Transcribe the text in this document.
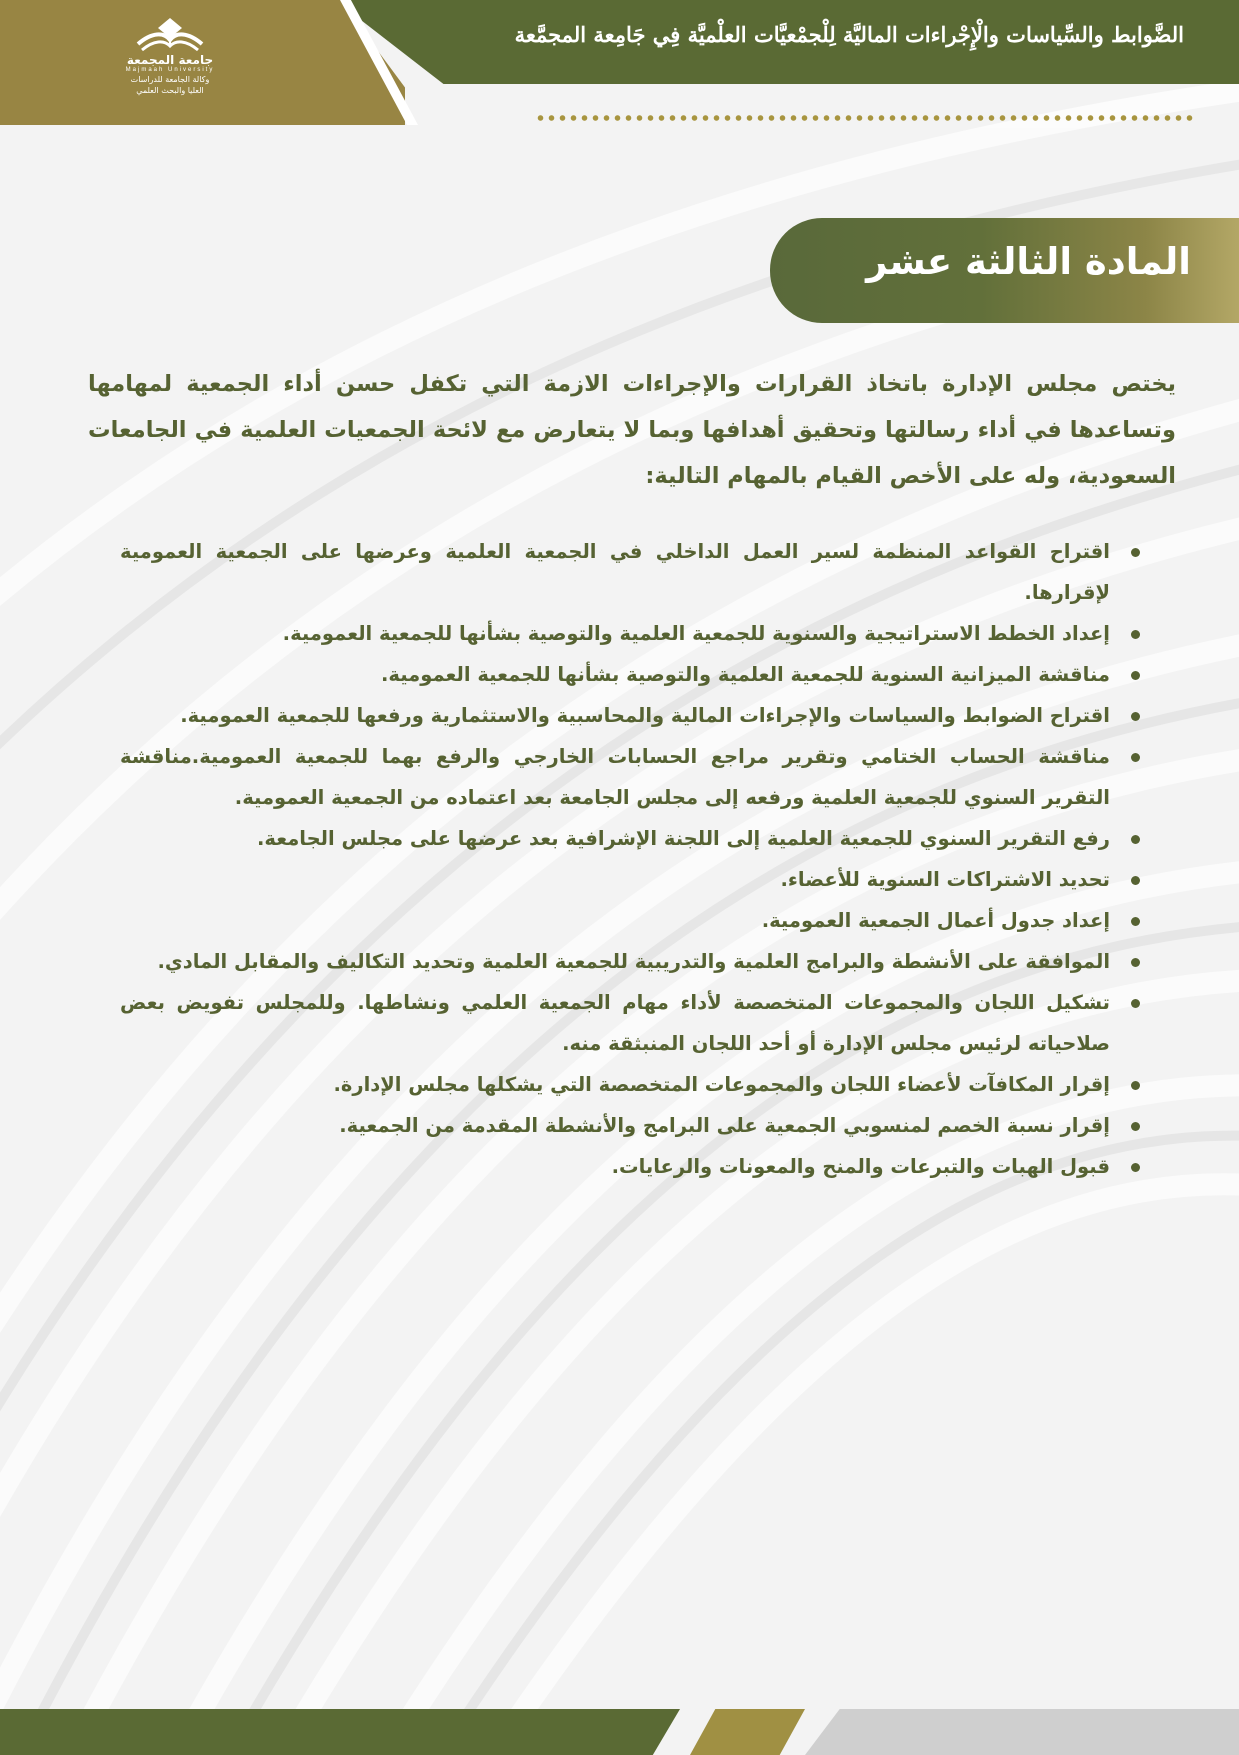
الضَّوابط والسِّياسات والْإِجْراءات الماليَّة لِلْجمْعيَّات العلْميَّة فِي جَامِعة المجمَّعة
جامعة المجمعة
Majmaah University
وكالة الجامعة للدراسات
العليا والبحث العلمي
المادة الثالثة عشر

يختص مجلس الإدارة باتخاذ القرارات والإجراءات الازمة التي تكفل حسن أداء الجمعية لمهامها وتساعدها في أداء رسالتها وتحقيق أهدافها وبما لا يتعارض مع لائحة الجمعيات العلمية في الجامعات السعودية، وله على الأخص القيام بالمهام التالية:

اقتراح القواعد المنظمة لسير العمل الداخلي في الجمعية العلمية وعرضها على الجمعية العمومية لإقرارها.
إعداد الخطط الاستراتيجية والسنوية للجمعية العلمية والتوصية بشأنها للجمعية العمومية.
مناقشة الميزانية السنوية للجمعية العلمية والتوصية بشأنها للجمعية العمومية.
اقتراح الضوابط والسياسات والإجراءات المالية والمحاسبية والاستثمارية ورفعها للجمعية العمومية.
مناقشة الحساب الختامي وتقرير مراجع الحسابات الخارجي والرفع بهما للجمعية العمومية.مناقشة التقرير السنوي للجمعية العلمية ورفعه إلى مجلس الجامعة بعد اعتماده من الجمعية العمومية.
رفع التقرير السنوي للجمعية العلمية إلى اللجنة الإشرافية بعد عرضها على مجلس الجامعة.
تحديد الاشتراكات السنوية للأعضاء.
إعداد جدول أعمال الجمعية العمومية.
الموافقة على الأنشطة والبرامج العلمية والتدريبية للجمعية العلمية وتحديد التكاليف والمقابل المادي.
تشكيل اللجان والمجموعات المتخصصة لأداء مهام الجمعية العلمي ونشاطها. وللمجلس تفويض بعض صلاحياته لرئيس مجلس الإدارة أو أحد اللجان المنبثقة منه.
إقرار المكافآت لأعضاء اللجان والمجموعات المتخصصة التي يشكلها مجلس الإدارة.
إقرار نسبة الخصم لمنسوبي الجمعية على البرامج والأنشطة المقدمة من الجمعية.
قبول الهبات والتبرعات والمنح والمعونات والرعايات.
